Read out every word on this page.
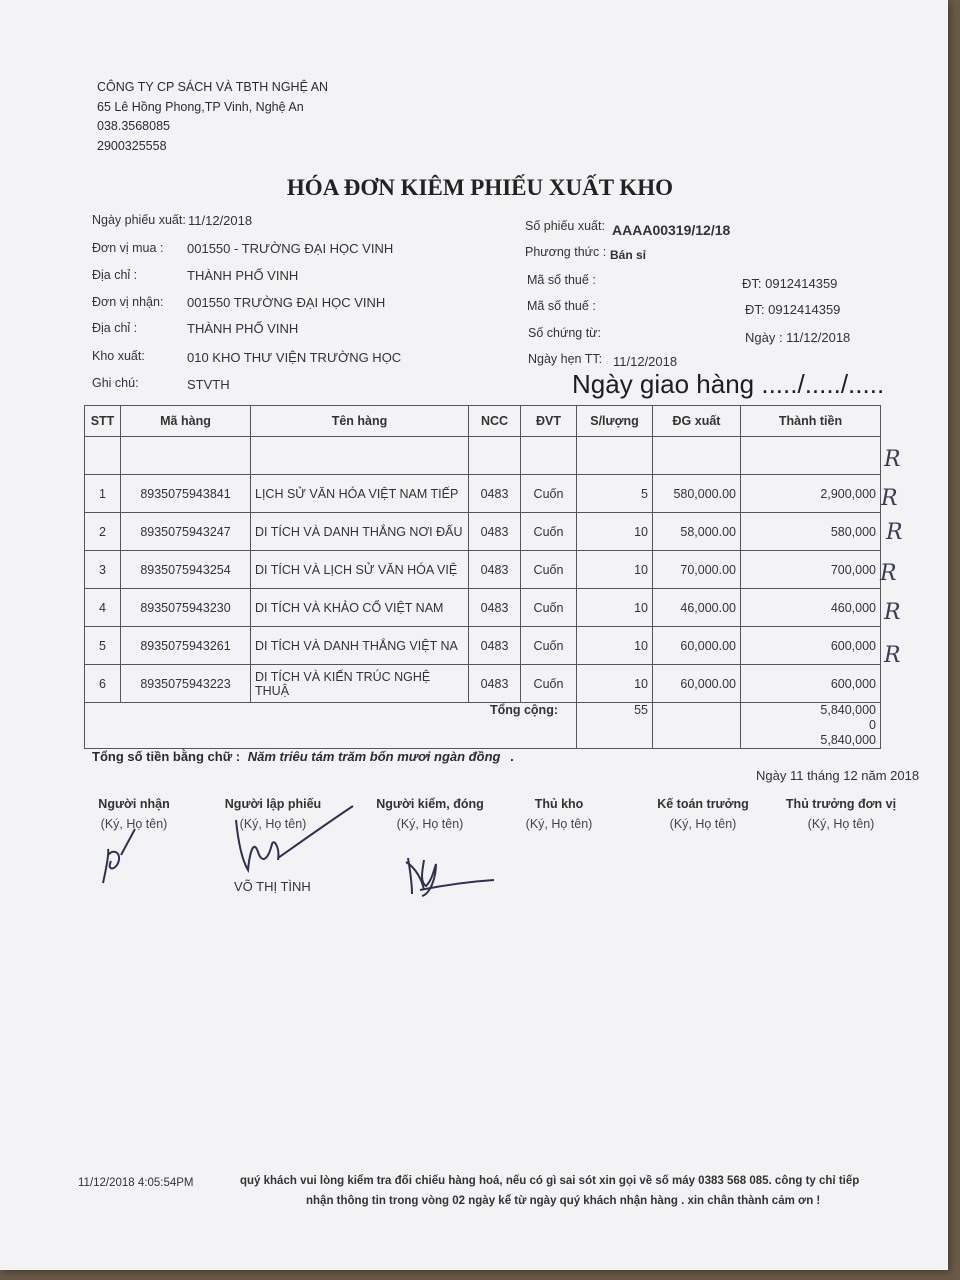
CÔNG TY CP SÁCH VÀ TBTH NGHỆ AN
65 Lê Hồng Phong,TP Vinh, Nghệ An
038.3568085
2900325558
HÓA ĐƠN KIÊM PHIẾU XUẤT KHO
Ngày phiếu xuất: 11/12/2018
Đơn vị mua : 001550 - TRƯỜNG ĐẠI HỌC VINH
Địa chỉ :	THÀNH PHỐ VINH
Đơn vị nhận: 001550 TRƯỜNG ĐẠI HỌC VINH
Địa chỉ :	THÀNH PHỐ VINH
Kho xuất:	010 KHO THƯ VIỆN TRƯỜNG HỌC
Ghi chú:	STVTH
Số phiếu xuất: AAAA00319/12/18
Phương thức : Bán sỉ
Mã số thuế :	ĐT: 0912414359
Mã số thuế :	ĐT: 0912414359
Số chứng từ:	Ngày : 11/12/2018
Ngày hẹn TT: 11/12/2018
Ngày giao hàng ...../...../.....
STT	Mã hàng	Tên hàng	NCC	ĐVT	S/lượng	ĐG xuất	Thành tiền

1	8935075943841	LỊCH SỬ VĂN HÓA VIỆT NAM TIẾP	0483	Cuốn	5	580,000.00	2,900,000
2	8935075943247	DI TÍCH VÀ DANH THẮNG NƠI ĐẤU	0483	Cuốn	10	58,000.00	580,000
3	8935075943254	DI TÍCH VÀ LỊCH SỬ VĂN HÓA VIỆ	0483	Cuốn	10	70,000.00	700,000
4	8935075943230	DI TÍCH VÀ KHẢO CỔ VIỆT NAM	0483	Cuốn	10	46,000.00	460,000
5	8935075943261	DI TÍCH VÀ DANH THẮNG VIỆT NA	0483	Cuốn	10	60,000.00	600,000
6	8935075943223	DI TÍCH VÀ KIẾN TRÚC NGHỆ THUẬ	0483	Cuốn	10	60,000.00	600,000
Tổng cộng:					55		5,840,000
0
5,840,000
R
R
R
R
R
R
Tổng số tiền bằng chữ : Năm triêu tám trăm bốn mươi ngàn đồng .
Ngày 11 tháng 12 năm 2018
Người nhận
(Ký, Họ tên)
Người lập phiếu
(Ký, Họ tên)
Người kiểm, đóng
(Ký, Họ tên)
Thủ kho
(Ký, Họ tên)
Kế toán trưởng
(Ký, Họ tên)
Thủ trưởng đơn vị
(Ký, Họ tên)
VÕ THỊ TÌNH
11/12/2018 4:05:54PM	quý khách vui lòng kiểm tra đối chiếu hàng hoá, nếu có gì sai sót xin gọi về số máy 0383 568 085. công ty chỉ tiếp
nhận thông tin trong vòng 02 ngày kể từ ngày quý khách nhận hàng . xin chân thành cảm ơn !
